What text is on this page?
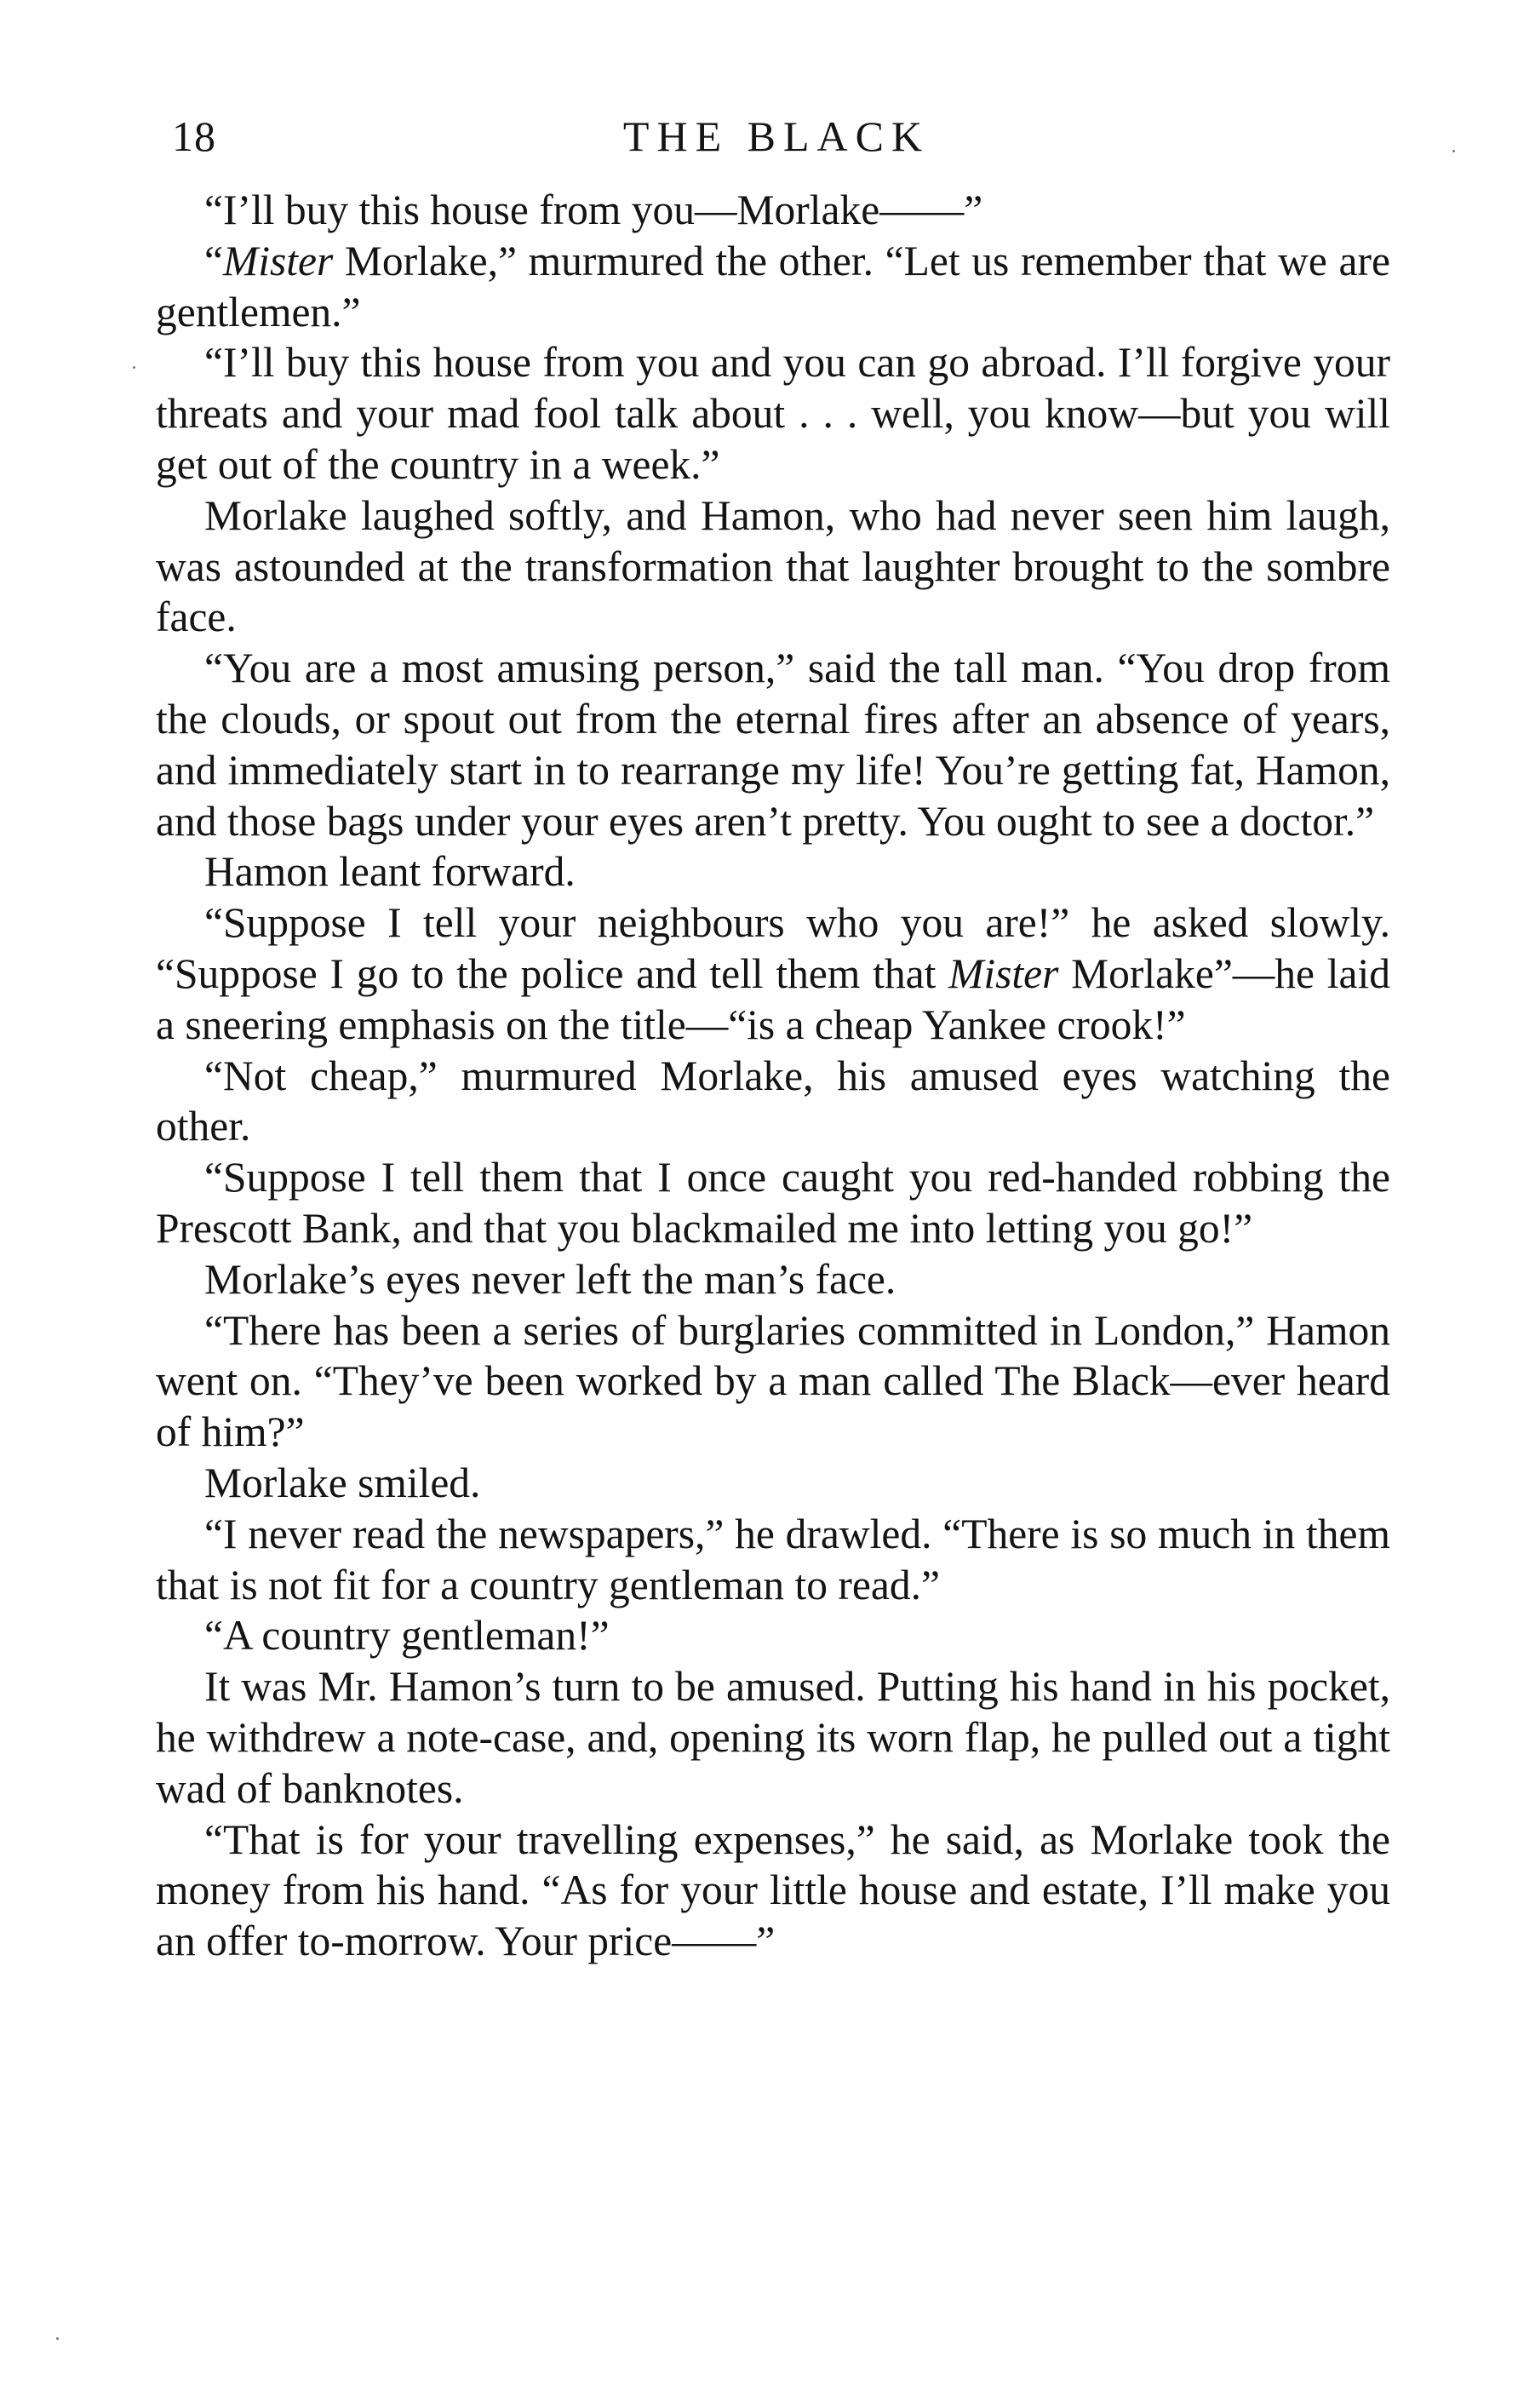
18	THE BLACK

“I’ll buy this house from you—Morlake——”

“Mister Morlake,” murmured the other. “Let us remember that we are gentlemen.”

“I’ll buy this house from you and you can go abroad. I’ll forgive your threats and your mad fool talk about . . . well, you know—but you will get out of the country in a week.”

Morlake laughed softly, and Hamon, who had never seen him laugh, was astounded at the transformation that laughter brought to the sombre face.

“You are a most amusing person,” said the tall man. “You drop from the clouds, or spout out from the eternal fires after an absence of years, and immediately start in to rearrange my life! You’re getting fat, Hamon, and those bags under your eyes aren’t pretty. You ought to see a doctor.”

Hamon leant forward.

“Suppose I tell your neighbours who you are!” he asked slowly. “Suppose I go to the police and tell them that Mister Morlake”—he laid a sneering emphasis on the title—“is a cheap Yankee crook!”

“Not cheap,” murmured Morlake, his amused eyes watching the other.

“Suppose I tell them that I once caught you red-handed robbing the Prescott Bank, and that you blackmailed me into letting you go!”

Morlake’s eyes never left the man’s face.

“There has been a series of burglaries committed in London,” Hamon went on. “They’ve been worked by a man called The Black—ever heard of him?”

Morlake smiled.

“I never read the newspapers,” he drawled. “There is so much in them that is not fit for a country gentleman to read.”

“A country gentleman!”

It was Mr. Hamon’s turn to be amused. Putting his hand in his pocket, he withdrew a note-case, and, opening its worn flap, he pulled out a tight wad of banknotes.

“That is for your travelling expenses,” he said, as Morlake took the money from his hand. “As for your little house and estate, I’ll make you an offer to-morrow. Your price——”
